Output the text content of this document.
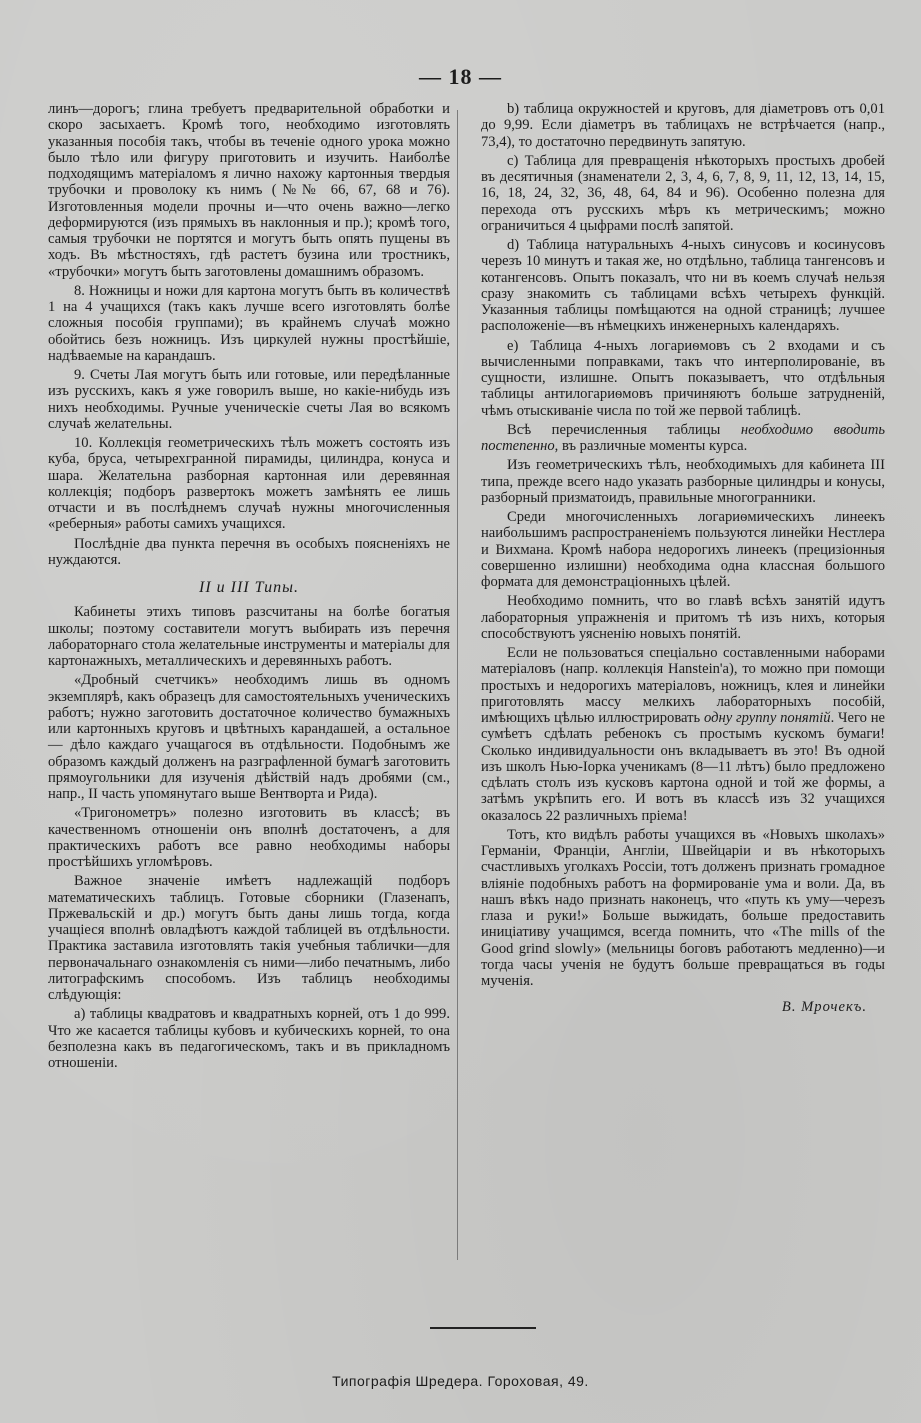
— 18 —

линъ—дорогъ; глина требуетъ предварительной обработки и скоро засыхаетъ. Кромѣ того, необходимо изготовлять указанныя пособія такъ, чтобы въ теченіе одного урока можно было тѣло или фигуру приготовить и изучить. Наиболѣе подходящимъ матеріаломъ я лично нахожу картонныя твердыя трубочки и проволоку къ нимъ (№№ 66, 67, 68 и 76). Изготовленныя модели прочны и—что очень важно—легко деформируются (изъ прямыхъ въ наклонныя и пр.); кромѣ того, самыя трубочки не портятся и могутъ быть опять пущены въ ходъ. Въ мѣстностяхъ, гдѣ растетъ бузина или тростникъ, «трубочки» могутъ быть заготовлены домашнимъ образомъ.

8. Ножницы и ножи для картона могутъ быть въ количествѣ 1 на 4 учащихся (такъ какъ лучше всего изготовлять болѣе сложныя пособія группами); въ крайнемъ случаѣ можно обойтись безъ ножницъ. Изъ циркулей нужны простѣйшіе, надѣваемые на карандашъ.

9. Счеты Лая могутъ быть или готовые, или передѣланные изъ русскихъ, какъ я уже говорилъ выше, но какіе-нибудь изъ нихъ необходимы. Ручные ученическіе счеты Лая во всякомъ случаѣ желательны.

10. Коллекція геометрическихъ тѣлъ можетъ состоять изъ куба, бруса, четырехгранной пирамиды, цилиндра, конуса и шара. Желательна разборная картонная или деревянная коллекція; подборъ развертокъ можетъ замѣнять ее лишь отчасти и въ послѣднемъ случаѣ нужны многочисленныя «реберныя» работы самихъ учащихся.

Послѣдніе два пункта перечня въ особыхъ поясненіяхъ не нуждаются.

II и III Типы.

Кабинеты этихъ типовъ разсчитаны на болѣе богатыя школы; поэтому составители могутъ выбирать изъ перечня лабораторнаго стола желательные инструменты и матеріалы для картонажныхъ, металлическихъ и деревянныхъ работъ.

«Дробный счетчикъ» необходимъ лишь въ одномъ экземплярѣ, какъ образецъ для самостоятельныхъ ученическихъ работъ; нужно заготовить достаточное количество бумажныхъ или картонныхъ круговъ и цвѣтныхъ карандашей, а остальное — дѣло каждаго учащагося въ отдѣльности. Подобнымъ же образомъ каждый долженъ на разграфленной бумагѣ заготовить прямоугольники для изученія дѣйствій надъ дробями (см., напр., II часть упомянутаго выше Вентворта и Рида).

«Тригонометръ» полезно изготовить въ классѣ; въ качественномъ отношеніи онъ вполнѣ достаточенъ, а для практическихъ работъ все равно необходимы наборы простѣйшихъ угломѣровъ.

Важное значеніе имѣетъ надлежащій подборъ математическихъ таблицъ. Готовые сборники (Глазенапъ, Пржевальскій и др.) могутъ быть даны лишь тогда, когда учащіеся вполнѣ овладѣютъ каждой таблицей въ отдѣльности. Практика заставила изготовлять такія учебныя таблички—для первоначальнаго ознакомленія съ ними—либо печатнымъ, либо литографскимъ способомъ. Изъ таблицъ необходимы слѣдующія:

a) таблицы квадратовъ и квадратныхъ корней, отъ 1 до 999. Что же касается таблицы кубовъ и кубическихъ корней, то она безполезна какъ въ педагогическомъ, такъ и въ прикладномъ отношеніи.

b) таблица окружностей и круговъ, для діаметровъ отъ 0,01 до 9,99. Если діаметръ въ таблицахъ не встрѣчается (напр., 73,4), то достаточно передвинуть запятую.

c) Таблица для превращенія нѣкоторыхъ простыхъ дробей въ десятичныя (знаменатели 2, 3, 4, 6, 7, 8, 9, 11, 12, 13, 14, 15, 16, 18, 24, 32, 36, 48, 64, 84 и 96). Особенно полезна для перехода отъ русскихъ мѣръ къ метрическимъ; можно ограничиться 4 цыфрами послѣ запятой.

d) Таблица натуральныхъ 4-ныхъ синусовъ и косинусовъ черезъ 10 минутъ и такая же, но отдѣльно, таблица тангенсовъ и котангенсовъ. Опытъ показалъ, что ни въ коемъ случаѣ нельзя сразу знакомить съ таблицами всѣхъ четырехъ функцій. Указанныя таблицы помѣщаются на одной страницѣ; лучшее расположеніе—въ нѣмецкихъ инженерныхъ календаряхъ.

e) Таблица 4-ныхъ логариѳмовъ съ 2 входами и съ вычисленными поправками, такъ что интерполированіе, въ сущности, излишне. Опытъ показываетъ, что отдѣльныя таблицы антилогариѳмовъ причиняютъ больше затрудненій, чѣмъ отыскиваніе числа по той же первой таблицѣ.

Всѣ перечисленныя таблицы необходимо вводить постепенно, въ различные моменты курса.

Изъ геометрическихъ тѣлъ, необходимыхъ для кабинета III типа, прежде всего надо указать разборные цилиндры и конусы, разборный призматоидъ, правильные многогранники.

Среди многочисленныхъ логариѳмическихъ линеекъ наибольшимъ распространеніемъ пользуются линейки Нестлера и Вихмана. Кромѣ набора недорогихъ линеекъ (прецизіонныя совершенно излишни) необходима одна классная большого формата для демонстраціонныхъ цѣлей.

Необходимо помнить, что во главѣ всѣхъ занятій идутъ лабораторныя упражненія и притомъ тѣ изъ нихъ, которыя способствуютъ уясненію новыхъ понятій.

Если не пользоваться спеціально составленными наборами матеріаловъ (напр. коллекція Hanstein'а), то можно при помощи простыхъ и недорогихъ матеріаловъ, ножницъ, клея и линейки приготовлять массу мелкихъ лабораторныхъ пособій, имѣющихъ цѣлью иллюстрировать одну группу понятій. Чего не сумѣетъ сдѣлать ребенокъ съ простымъ кускомъ бумаги! Сколько индивидуальности онъ вкладываетъ въ это! Въ одной изъ школъ Нью-Іорка ученикамъ (8—11 лѣтъ) было предложено сдѣлать столъ изъ кусковъ картона одной и той же формы, а затѣмъ укрѣпить его. И вотъ въ классѣ изъ 32 учащихся оказалось 22 различныхъ пріема!

Тотъ, кто видѣлъ работы учащихся въ «Новыхъ школахъ» Германіи, Франціи, Англіи, Швейцаріи и въ нѣкоторыхъ счастливыхъ уголкахъ Россіи, тотъ долженъ признать громадное вліяніе подобныхъ работъ на формированіе ума и воли. Да, въ нашъ вѣкъ надо признать наконецъ, что «путь къ уму—черезъ глаза и руки!» Больше выжидать, больше предоставить иниціативу учащимся, всегда помнить, что «The mills of the Good grind slowly» (мельницы боговъ работаютъ медленно)—и тогда часы ученія не будутъ больше превращаться въ годы мученія.

В. Мрочекъ.
Типографія Шредера. Гороховая, 49.
